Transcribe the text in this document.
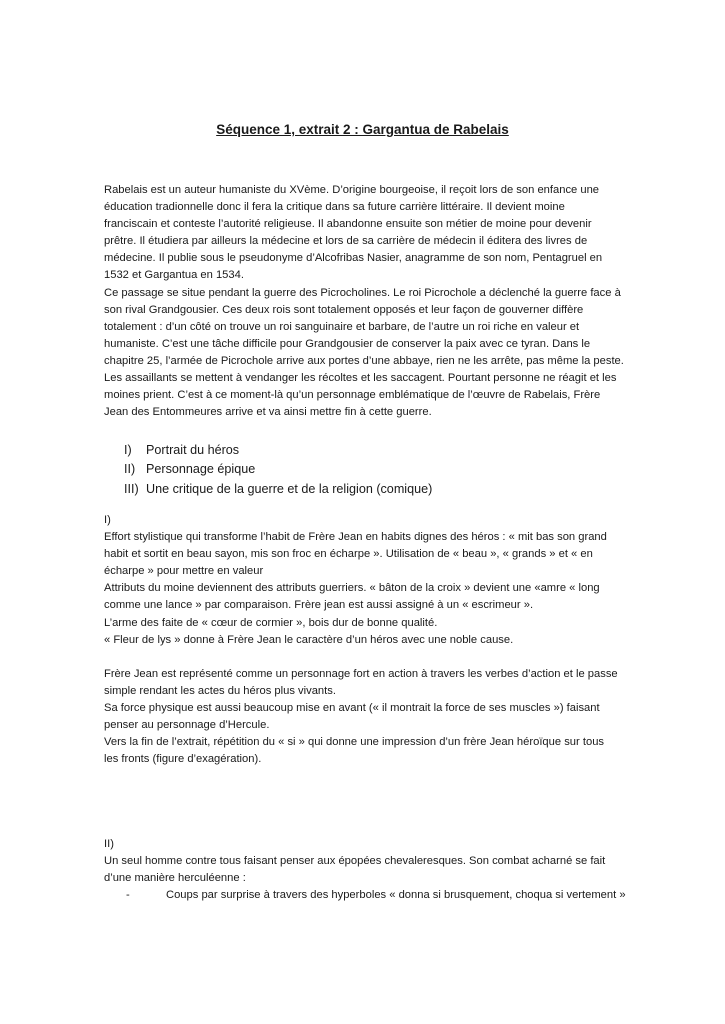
Séquence 1, extrait 2 : Gargantua de Rabelais
Rabelais est un auteur humaniste du XVème. D’origine bourgeoise, il reçoit lors de son enfance une
éducation tradionnelle donc il fera la critique dans sa future carrière littéraire. Il devient moine
franciscain et conteste l’autorité religieuse. Il abandonne ensuite son métier de moine pour devenir
prêtre. Il étudiera par ailleurs la médecine et lors de sa carrière de médecin il éditera des livres de
médecine. Il publie sous le pseudonyme d’Alcofribas Nasier, anagramme de son nom, Pentagruel en
1532 et Gargantua en 1534.
Ce passage se situe pendant la guerre des Picrocholines. Le roi Picrochole a déclenché la guerre face à
son rival Grandgousier. Ces deux rois sont totalement opposés et leur façon de gouverner diffère
totalement : d’un côté on trouve un roi sanguinaire et barbare, de l’autre un roi riche en valeur et
humaniste. C’est une tâche difficile pour Grandgousier de conserver la paix avec ce tyran. Dans le
chapitre 25, l’armée de Picrochole arrive aux portes d’une abbaye, rien ne les arrête, pas même la peste.
Les assaillants se mettent à vendanger les récoltes et les saccagent. Pourtant personne ne réagit et les
moines prient. C’est à ce moment-là qu’un personnage emblématique de l’œuvre de Rabelais, Frère
Jean des Entommeures arrive et va ainsi mettre fin à cette guerre.
I) Portrait du héros
II) Personnage épique
III) Une critique de la guerre et de la religion (comique)
I)
Effort stylistique qui transforme l’habit de Frère Jean en habits dignes des héros : « mit bas son grand
habit et sortit en beau sayon, mis son froc en écharpe ». Utilisation de « beau », « grands » et « en
écharpe » pour mettre en valeur
Attributs du moine deviennent des attributs guerriers. « bâton de la croix » devient une «amre « long
comme une lance » par comparaison. Frère jean est aussi assigné à un « escrimeur ».
L’arme des faite de « cœur de cormier », bois dur de bonne qualité.
« Fleur de lys » donne à Frère Jean le caractère d’un héros avec une noble cause.
Frère Jean est représenté comme un personnage fort en action à travers les verbes d’action et le passe
simple rendant les actes du héros plus vivants.
Sa force physique est aussi beaucoup mise en avant (« il montrait la force de ses muscles ») faisant
penser au personnage d’Hercule.
Vers la fin de l’extrait, répétition du « si » qui donne une impression d’un frère Jean héroïque sur tous
les fronts (figure d’exagération).
II)
Un seul homme contre tous faisant penser aux épopées chevaleresques. Son combat acharné se fait
d’une manière herculéenne :
-	Coups par surprise à travers des hyperboles « donna si brusquement, choqua si vertement »
